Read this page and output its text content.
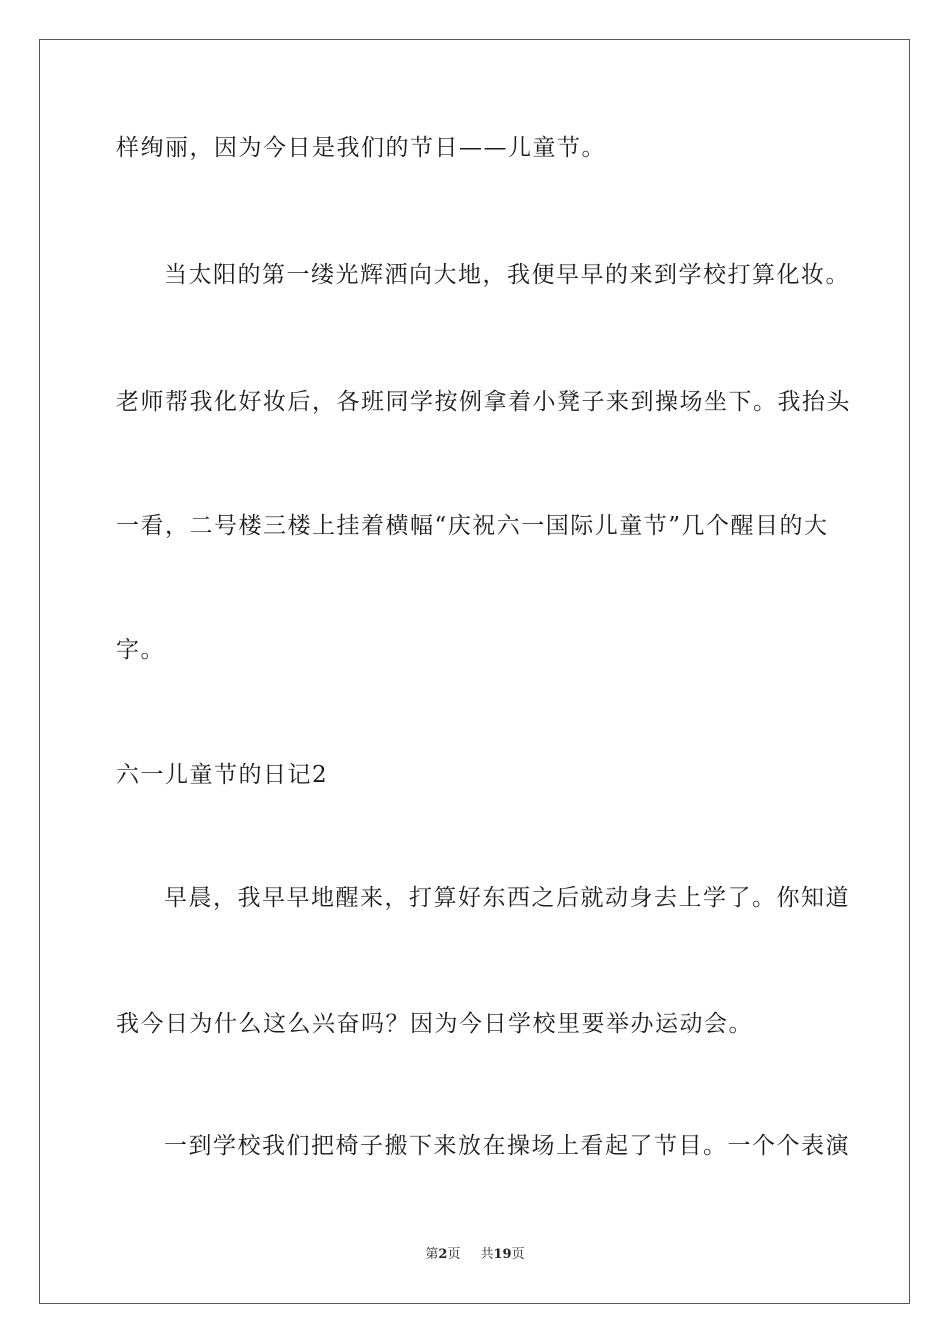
样绚丽，因为今日是我们的节日——儿童节。
当太阳的第一缕光辉洒向大地，我便早早的来到学校打算化妆。
老师帮我化好妆后，各班同学按例拿着小凳子来到操场坐下。我抬头
一看，二号楼三楼上挂着横幅“庆祝六一国际儿童节”几个醒目的大
字。
六一儿童节的日记2
早晨，我早早地醒来，打算好东西之后就动身去上学了。你知道
我今日为什么这么兴奋吗？因为今日学校里要举办运动会。
一到学校我们把椅子搬下来放在操场上看起了节目。一个个表演
第2页 共19页
